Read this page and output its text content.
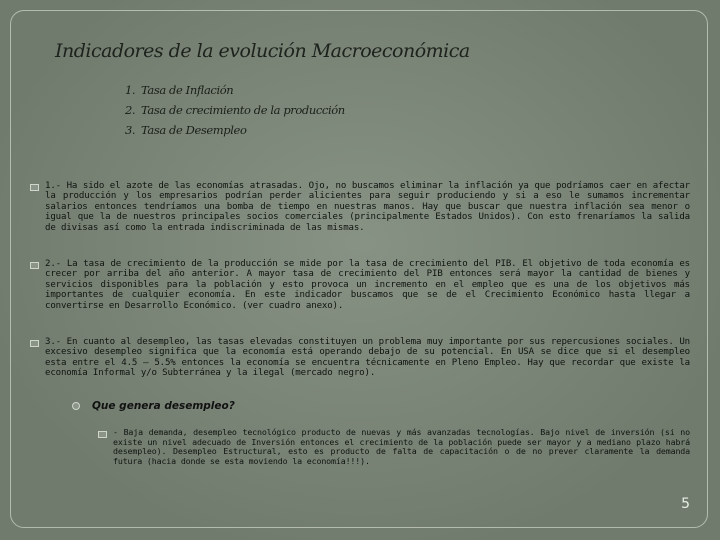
Indicadores de la evolución Macroeconómica
1. Tasa de Inflación
2. Tasa de crecimiento de la producción
3. Tasa de Desempleo
1.- Ha sido el azote de las economías atrasadas. Ojo, no buscamos eliminar la inflación ya que podríamos caer en afectar la producción y los empresarios podrían perder alicientes para seguir produciendo y si a eso le sumamos incrementar salarios entonces tendríamos una bomba de tiempo en nuestras manos. Hay que buscar que nuestra inflación sea menor o igual que la de nuestros principales socios comerciales (principalmente Estados Unidos). Con esto frenaríamos la salida de divisas así como la entrada indiscriminada de las mismas.
2.- La tasa de crecimiento de la producción se mide por la tasa de crecimiento del PIB. El objetivo de toda economía es crecer por arriba del año anterior. A mayor tasa de crecimiento del PIB entonces será mayor la cantidad de bienes y servicios disponibles para la población y esto provoca un incremento en el empleo que es una de los objetivos más importantes de cualquier economía. En este indicador buscamos que se de el Crecimiento Económico hasta llegar a convertirse en Desarrollo Económico. (ver cuadro anexo).
3.- En cuanto al desempleo, las tasas elevadas constituyen un problema muy importante por sus repercusiones sociales. Un excesivo desempleo significa que la economía está operando debajo de su potencial. En USA se dice que si el desempleo esta entre el 4.5 – 5.5% entonces la economía se encuentra técnicamente en Pleno Empleo. Hay que recordar que existe la economía Informal y/o Subterránea y la ilegal (mercado negro).
Que genera desempleo?
- Baja demanda, desempleo tecnológico producto de nuevas y más avanzadas tecnologías. Bajo nivel de inversión (si no existe un nivel adecuado de Inversión entonces el crecimiento de la población puede ser mayor y a mediano plazo habrá desempleo). Desempleo Estructural, esto es producto de falta de capacitación o de no prever claramente la demanda futura (hacia donde se esta moviendo la economía!!!).
5
